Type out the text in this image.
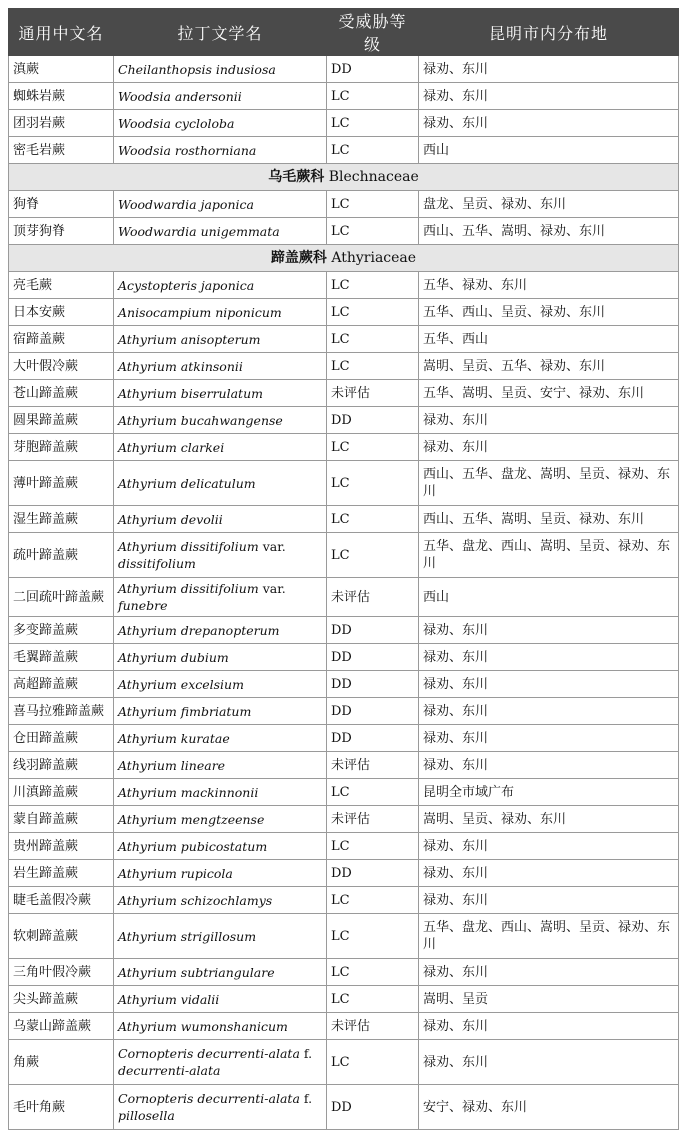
通用中文名	拉丁文学名	受威胁等级	昆明市内分布地
滇蕨	Cheilanthopsis indusiosa	DD	禄劝、东川
蜘蛛岩蕨	Woodsia andersonii	LC	禄劝、东川
团羽岩蕨	Woodsia cycloloba	LC	禄劝、东川
密毛岩蕨	Woodsia rosthorniana	LC	西山
乌毛蕨科 Blechnaceae			
狗脊	Woodwardia japonica	LC	盘龙、呈贡、禄劝、东川
顶芽狗脊	Woodwardia unigemmata	LC	西山、五华、嵩明、禄劝、东川
蹄盖蕨科 Athyriaceae			
亮毛蕨	Acystopteris japonica	LC	五华、禄劝、东川
日本安蕨	Anisocampium niponicum	LC	五华、西山、呈贡、禄劝、东川
宿蹄盖蕨	Athyrium anisopterum	LC	五华、西山
大叶假冷蕨	Athyrium atkinsonii	LC	嵩明、呈贡、五华、禄劝、东川
苍山蹄盖蕨	Athyrium biserrulatum	未评估	五华、嵩明、呈贡、安宁、禄劝、东川
圆果蹄盖蕨	Athyrium bucahwangense	DD	禄劝、东川
芽胞蹄盖蕨	Athyrium clarkei	LC	禄劝、东川
薄叶蹄盖蕨	Athyrium delicatulum	LC	西山、五华、盘龙、嵩明、呈贡、禄劝、东川
湿生蹄盖蕨	Athyrium devolii	LC	西山、五华、嵩明、呈贡、禄劝、东川
疏叶蹄盖蕨	Athyrium dissitifolium var. dissitifolium	LC	五华、盘龙、西山、嵩明、呈贡、禄劝、东川
二回疏叶蹄盖蕨	Athyrium dissitifolium var. funebre	未评估	西山
多变蹄盖蕨	Athyrium drepanopterum	DD	禄劝、东川
毛翼蹄盖蕨	Athyrium dubium	DD	禄劝、东川
高超蹄盖蕨	Athyrium excelsium	DD	禄劝、东川
喜马拉雅蹄盖蕨	Athyrium fimbriatum	DD	禄劝、东川
仓田蹄盖蕨	Athyrium kuratae	DD	禄劝、东川
线羽蹄盖蕨	Athyrium lineare	未评估	禄劝、东川
川滇蹄盖蕨	Athyrium mackinnonii	LC	昆明全市域广布
蒙自蹄盖蕨	Athyrium mengtzeense	未评估	嵩明、呈贡、禄劝、东川
贵州蹄盖蕨	Athyrium pubicostatum	LC	禄劝、东川
岩生蹄盖蕨	Athyrium rupicola	DD	禄劝、东川
睫毛盖假冷蕨	Athyrium schizochlamys	LC	禄劝、东川
软刺蹄盖蕨	Athyrium strigillosum	LC	五华、盘龙、西山、嵩明、呈贡、禄劝、东川
三角叶假冷蕨	Athyrium subtriangulare	LC	禄劝、东川
尖头蹄盖蕨	Athyrium vidalii	LC	嵩明、呈贡
乌蒙山蹄盖蕨	Athyrium wumonshanicum	未评估	禄劝、东川
角蕨	Cornopteris decurrenti-alata f. decurrenti-alata	LC	禄劝、东川
毛叶角蕨	Cornopteris decurrenti-alata f. pillosella	DD	安宁、禄劝、东川
